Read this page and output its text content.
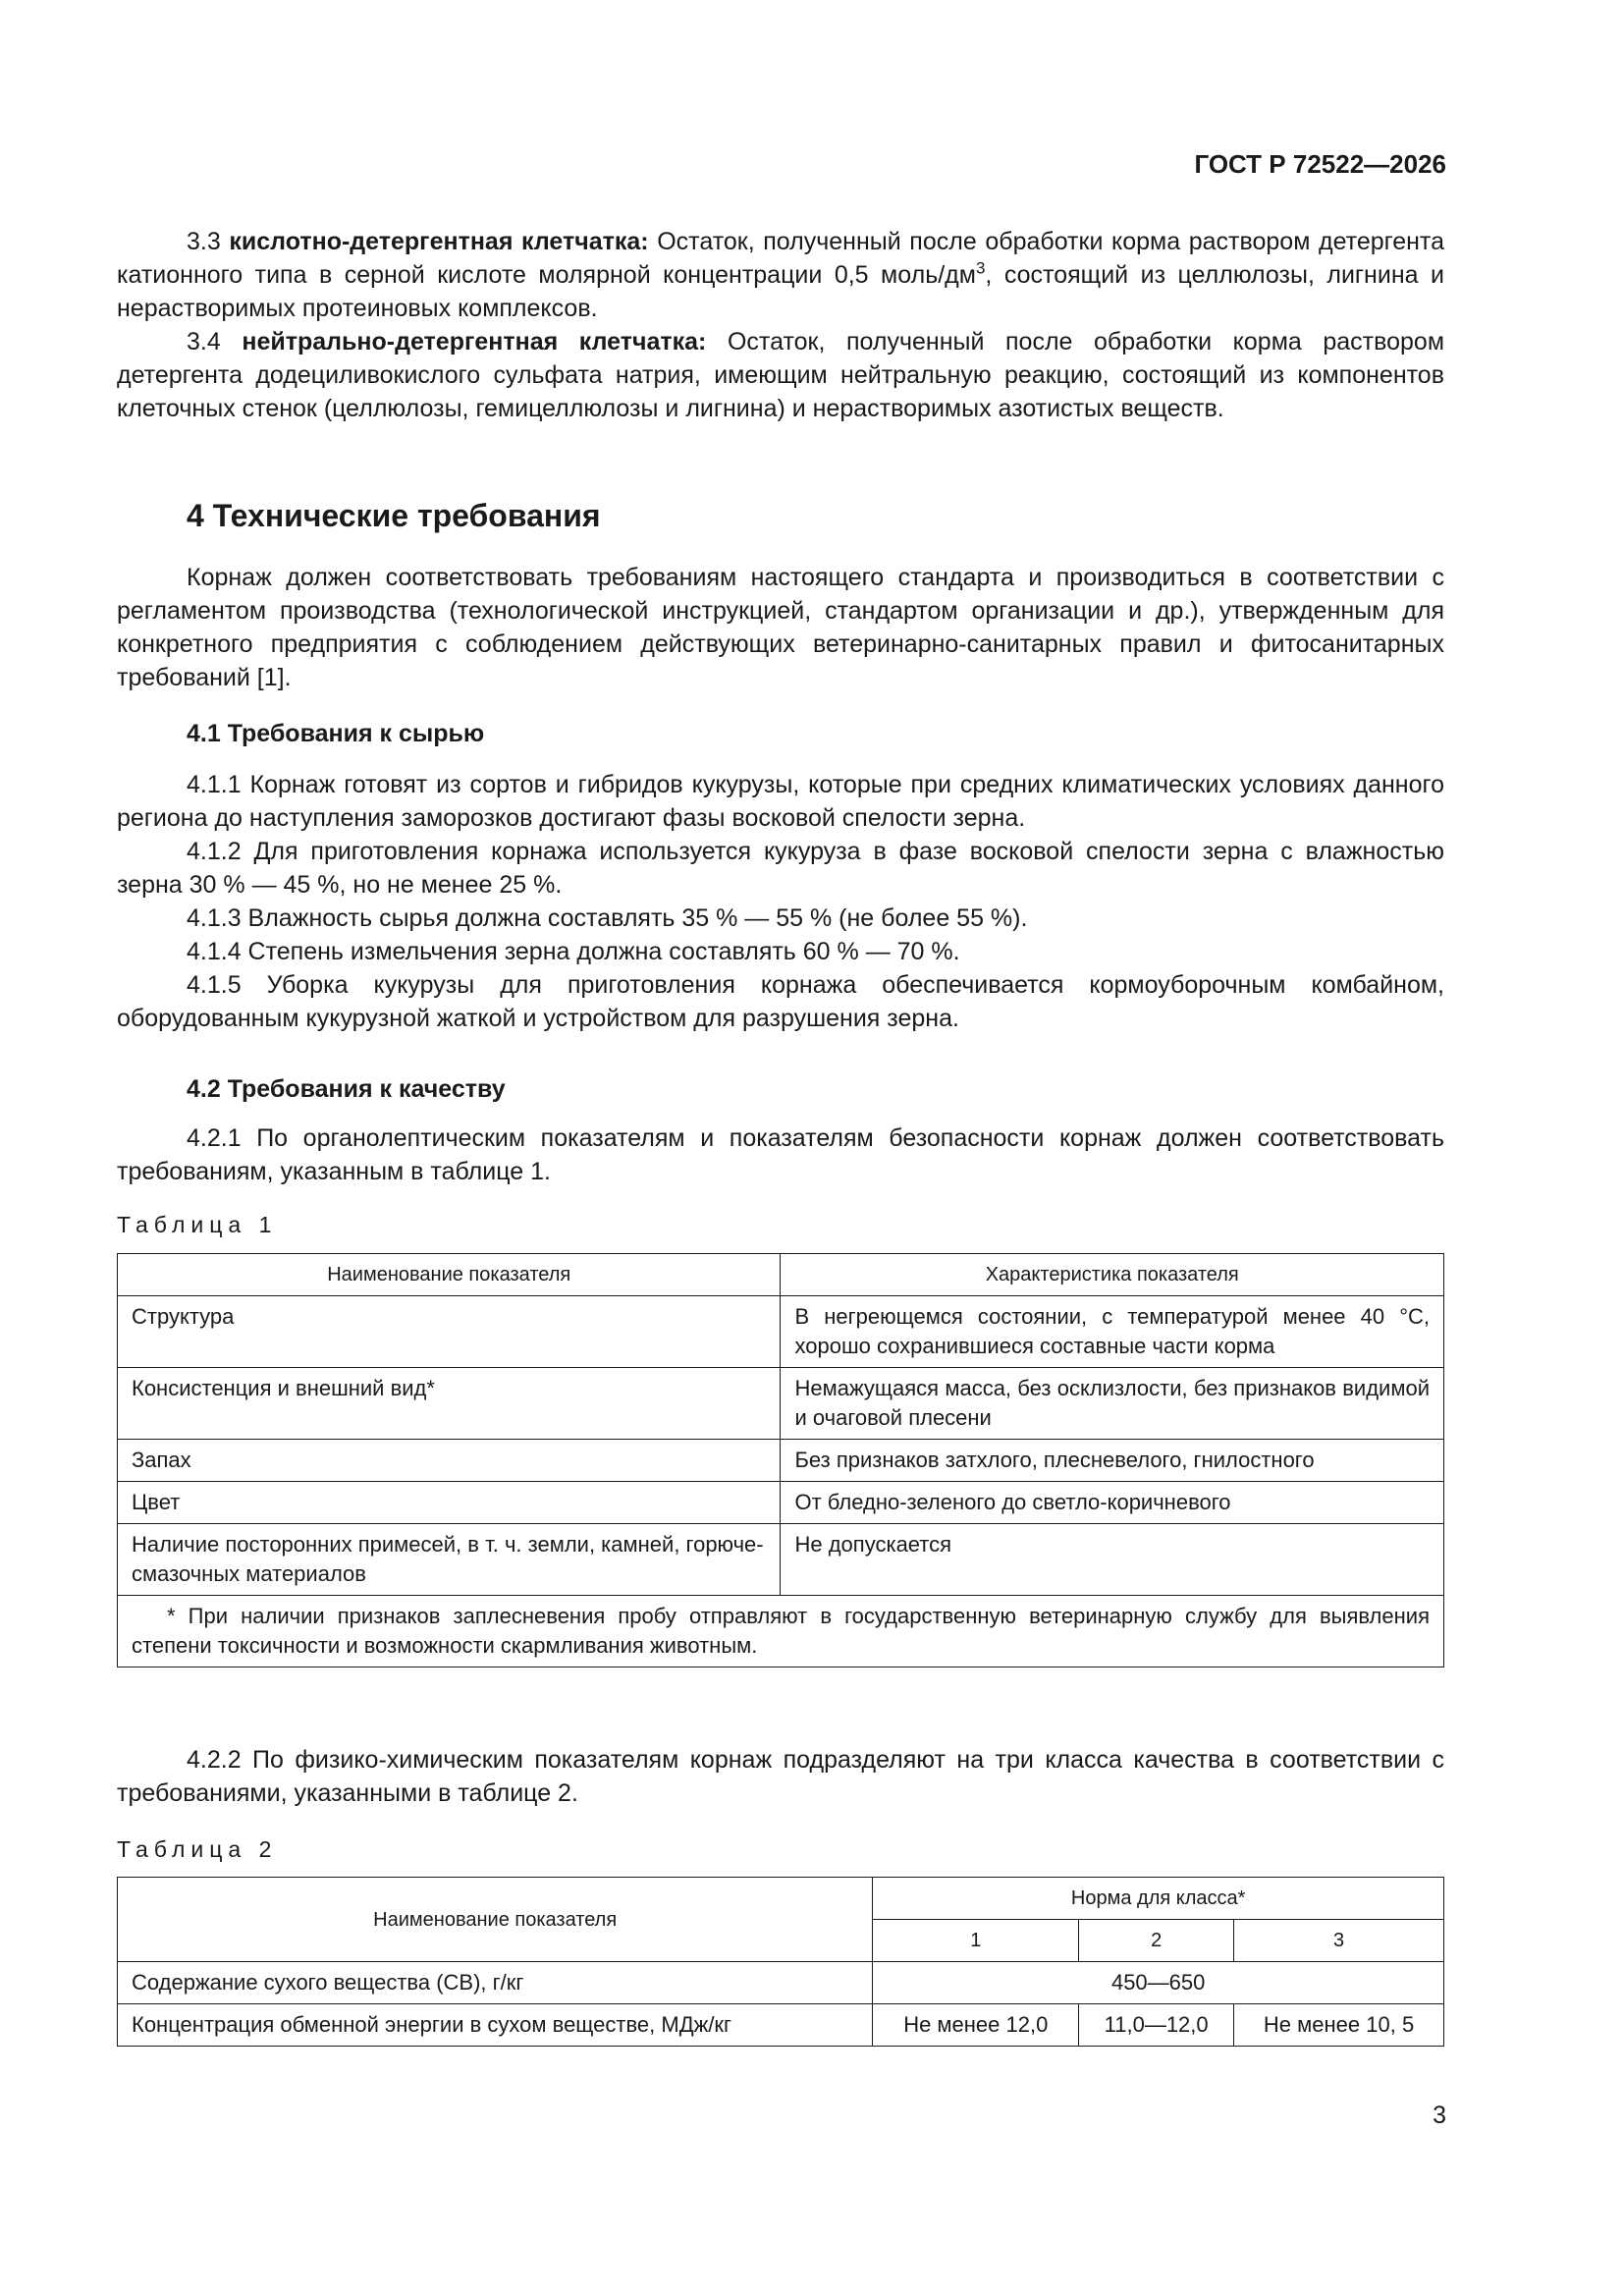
ГОСТ Р 72522—2026

3.3 кислотно-детергентная клетчатка: Остаток, полученный после обработки корма раствором детергента катионного типа в серной кислоте молярной концентрации 0,5 моль/$дм^3$, состоящий из целлюлозы, лигнина и нерастворимых протеиновых комплексов.

3.4 нейтрально-детергентная клетчатка: Остаток, полученный после обработки корма раствором детергента додециливокислого сульфата натрия, имеющим нейтральную реакцию, состоящий из компонентов клеточных стенок (целлюлозы, гемицеллюлозы и лигнина) и нерастворимых азотистых веществ.

4 Технические требования

Корнаж должен соответствовать требованиям настоящего стандарта и производиться в соответствии с регламентом производства (технологической инструкцией, стандартом организации и др.), утвержденным для конкретного предприятия с соблюдением действующих ветеринарно-санитарных правил и фитосанитарных требований [1].

4.1 Требования к сырью

4.1.1 Корнаж готовят из сортов и гибридов кукурузы, которые при средних климатических условиях данного региона до наступления заморозков достигают фазы восковой спелости зерна.

4.1.2 Для приготовления корнажа используется кукуруза в фазе восковой спелости зерна с влажностью зерна 30 % — 45 %, но не менее 25 %.

4.1.3 Влажность сырья должна составлять 35 % — 55 % (не более 55 %).

4.1.4 Степень измельчения зерна должна составлять 60 % — 70 %.

4.1.5 Уборка кукурузы для приготовления корнажа обеспечивается кормоуборочным комбайном, оборудованным кукурузной жаткой и устройством для разрушения зерна.

4.2 Требования к качеству

4.2.1 По органолептическим показателям и показателям безопасности корнаж должен соответствовать требованиям, указанным в таблице 1.

Таблица 1

Наименование показателя	Характеристика показателя
Структура	В негреющемся состоянии, с температурой менее 40 °С, хорошо сохранившиеся составные части корма
Консистенция и внешний вид*	Немажущаяся масса, без осклизлости, без признаков видимой и очаговой плесени
Запах	Без признаков затхлого, плесневелого, гнилостного
Цвет	От бледно-зеленого до светло-коричневого
Наличие посторонних примесей, в т. ч. земли, камней, горюче-смазочных материалов	Не допускается
* При наличии признаков заплесневения пробу отправляют в государственную ветеринарную службу для выявления степени токсичности и возможности скармливания животным.	

4.2.2 По физико-химическим показателям корнаж подразделяют на три класса качества в соответствии с требованиями, указанными в таблице 2.

Таблица 2

Наименование показателя	Норма для класса*		
	1	2	3
Содержание сухого вещества (СВ), г/кг	450—650		
Концентрация обменной энергии в сухом веществе, МДж/кг	Не менее 12,0	11,0—12,0	Не менее 10, 5
3
